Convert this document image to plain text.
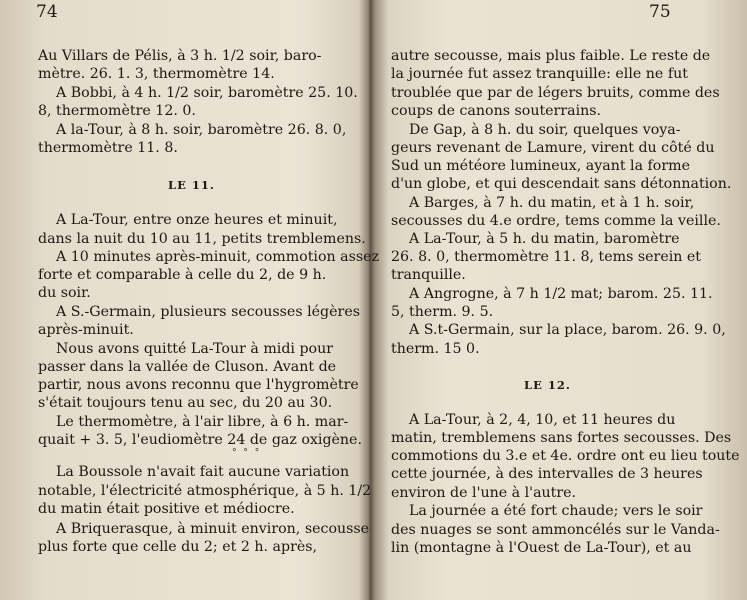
74
Au Villars de Pélis, à 3 h. 1/2 soir, baro-
mètre. 26. 1. 3, thermomètre 14.
A Bobbi, à 4 h. 1/2 soir, baromètre 25. 10.
8, thermomètre 12. 0.
A la-Tour, à 8 h. soir, baromètre 26. 8. 0,
thermomètre 11. 8.
LE 11.
A La-Tour, entre onze heures et minuit,
dans la nuit du 10 au 11, petits tremblemens.
A 10 minutes après-minuit, commotion assez
forte et comparable à celle du 2, de 9 h.
du soir.
A S.-Germain, plusieurs secousses légères
après-minuit.
Nous avons quitté La-Tour à midi pour
passer dans la vallée de Cluson. Avant de
partir, nous avons reconnu que l'hygromètre
s'était toujours tenu au sec, du 20 au 30.
Le thermomètre, à l'air libre, à 6 h. mar-
quait + 3. 5, l'eudiomètre 24 de gaz oxigène.
° ° °
La Boussole n'avait fait aucune variation
notable, l'électricité atmosphérique, à 5 h. 1/2
du matin était positive et médiocre.
A Briquerasque, à minuit environ, secousse
plus forte que celle du 2; et 2 h. après,
75
autre secousse, mais plus faible. Le reste de
la journée fut assez tranquille: elle ne fut
troublée que par de légers bruits, comme des
coups de canons souterrains.
De Gap, à 8 h. du soir, quelques voya-
geurs revenant de Lamure, virent du côté du
Sud un météore lumineux, ayant la forme
d'un globe, et qui descendait sans détonnation.
A Barges, à 7 h. du matin, et à 1 h. soir,
secousses du 4.e ordre, tems comme la veille.
A La-Tour, à 5 h. du matin, baromètre
26. 8. 0, thermomètre 11. 8, tems serein et
tranquille.
A Angrogne, à 7 h 1/2 mat; barom. 25. 11.
5, therm. 9. 5.
A S.t-Germain, sur la place, barom. 26. 9. 0,
therm. 15 0.
LE 12.
A La-Tour, à 2, 4, 10, et 11 heures du
matin, tremblemens sans fortes secousses. Des
commotions du 3.e et 4e. ordre ont eu lieu toute
cette journée, à des intervalles de 3 heures
environ de l'une à l'autre.
La journée a été fort chaude; vers le soir
des nuages se sont ammoncélés sur le Vanda-
lin (montagne à l'Ouest de La-Tour), et au
